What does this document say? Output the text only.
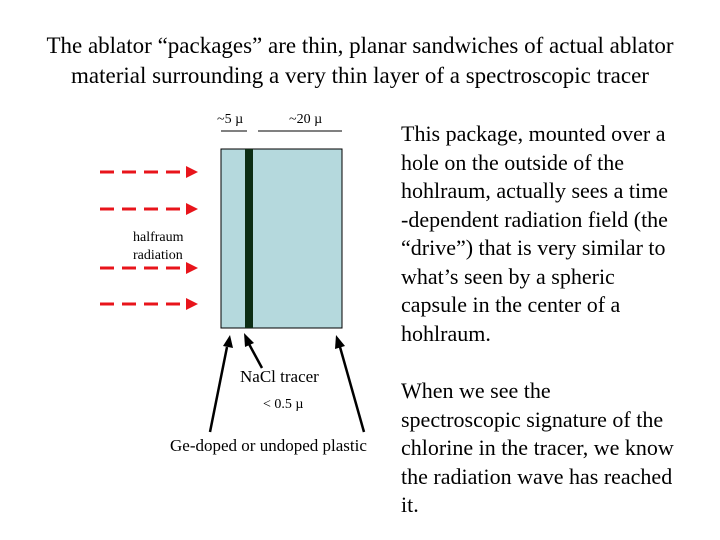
The ablator “packages” are thin, planar sandwiches of actual ablator
material surrounding a very thin layer of a spectroscopic tracer
~5 µ	~20 µ
halfraum
radiation
NaCl tracer
< 0.5 µ
Ge-doped or undoped plastic
This package, mounted over a
hole on the outside of the
hohlraum, actually sees a time
-dependent radiation field (the
“drive”) that is very similar to
what’s seen by a spheric
capsule in the center of a
hohlraum.
When we see the
spectroscopic signature of the
chlorine in the tracer, we know
the radiation wave has reached
it.
